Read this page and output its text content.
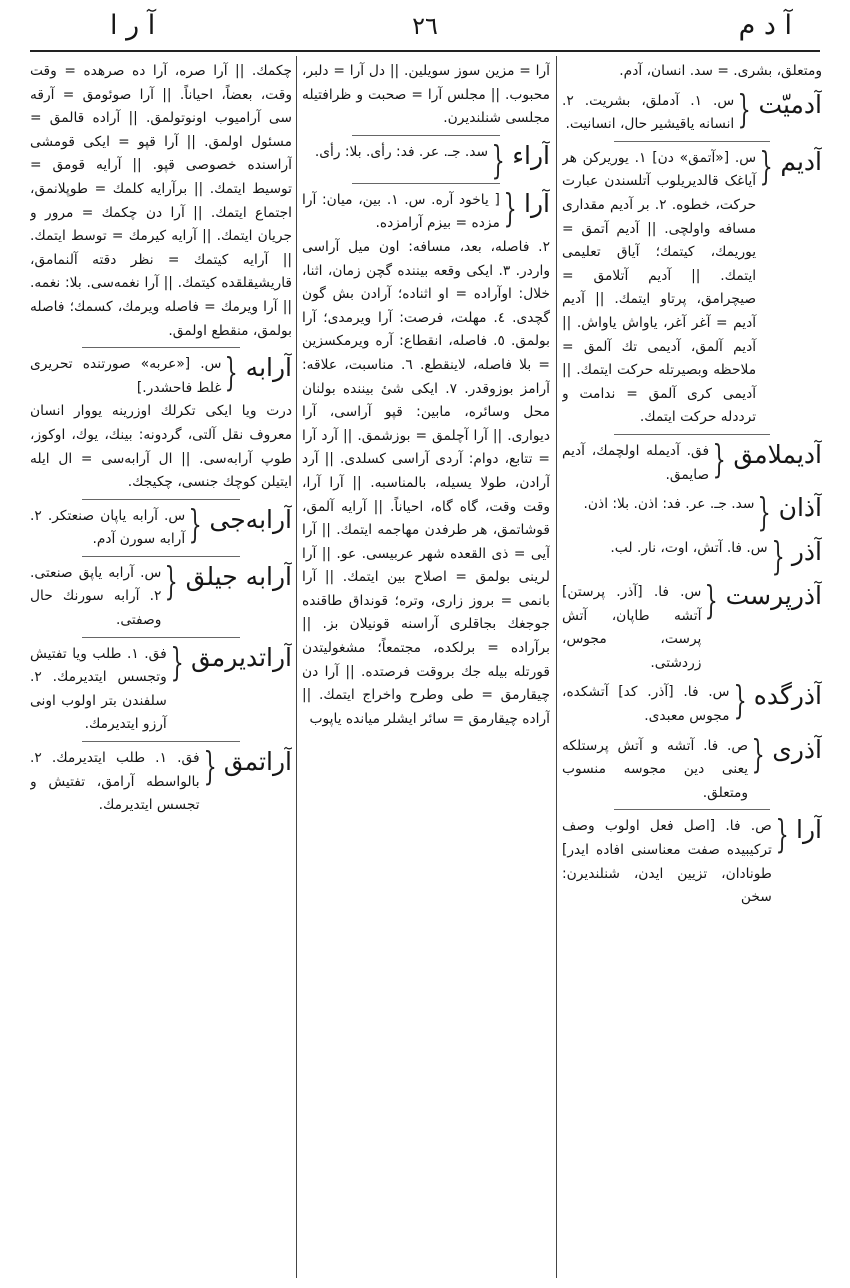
آ د م
٢٦
آ ر ا

ومتعلق، بشری. = سد. انسان، آدم.

آدمیّت
{
س. ١. آدملق، بشریت. ٢. انسانه یاقیشیر حال، انسانیت.
آدیم
{
س. [«آتمق» دن] ١. یوریرکن هر آیاغک قالدیریلوب آتلسندن عبارت حرکت، خطوه. ٢. بر آدیم مقداری مسافه واولچی. || آدیم آتمق = یوریمك، کیتمك؛ آیاق تعلیمی ایتمك. || آدیم آتلامق = صیچرامق، پرتاو ایتمك. || آدیم آدیم = آغر آغر، یاواش یاواش. || آدیم آلمق، آدیمی تك آلمق = ملاحظه وبصیرتله حرکت ایتمك. || آدیمی کری آلمق = ندامت و ترددله حرکت ایتمك.
آدیملامق
{
فق. آدیمله اولچمك، آدیم صایمق.
آذان
{
سد. جـ. عر. فد: اذن. بلا: اذن.
آذر
{
س. فا. آتش، اوت، نار. لب.
آذرپرست
{
س. فا. [آذر. پرستن] آتشه طاپان، آتش پرست، مجوس، زردشتی.
آذرگده
{
س. فا. [آذر. کد] آتشکده، مجوس معبدی.
آذری
{
ص. فا. آتشه و آتش پرستلکه یعنی دین مجوسه منسوب ومتعلق.
آرا
{
ص. فا. [اصل فعل اولوب وصف ترکیبیده صفت معناسنی افاده ایدر] طونادان، تزیین ایدن، شنلندیرن: سخن

آرا = مزین سوز سویلین. || دل آرا = دلبر، محبوب. || مجلس آرا = صحبت و ظرافتیله مجلسی شنلندیرن.

آراء
{
سد. جـ. عر. فد: رأی. بلا: رأی.
آرا
{
[ یاخود آره. س. ١. بین، میان: آرا مزده = بیزم آرامزده.

٢. فاصله، بعد، مسافه: اون میل آراسی واردر. ٣. ایکی وقعه بیننده گچن زمان، اثنا، خلال: اوآراده = او اثناده؛ آرادن بش گون گچدی. ٤. مهلت، فرصت: آرا ویرمدی؛ آرا بولمق. ٥. فاصله، انقطاع: آره ویرمکسزین = بلا فاصله، لاینقطع. ٦. مناسبت، علاقه: آرامز بوزوقدر. ٧. ایکی شیٔ بیننده بولنان محل وسائره، مابین: قپو آراسی، آرا دیواری. || آرا آچلمق = بوزشمق. || آرد آرا = تتابع، دوام: آردی آراسی کسلدی. || آرد آرادن، طولا یسیله، بالمناسبه. || آرا آرا، وقت وقت، گاه گاه، احیاناً. || آرایه آلمق، قوشاتمق، هر طرفدن مهاجمه ایتمك. || آرا آیی = ذی القعده شهر عربیسی. عو. || آرا لرینی بولمق = اصلاح بین ایتمك. || آرا بانمی = بروز زاری، وتره؛ قونداق طاقنده جوجغك بجاقلری آراسنه قونیلان بز. || برآراده = برلکده، مجتمعاً؛ مشغولیتدن قورتله بیله جك بروقت فرصتده. || آرا دن چیقارمق = طی وطرح واخراج ایتمك. || آراده چیقارمق = سائر ایشلر میانده یاپوب

چکمك. || آرا صره، آرا ده صرهده = وقت وقت، بعضاً، احیاناً. || آرا صوئومق = آرقه سی آرامیوب اونوتولمق. || آراده قالمق = مسئول اولمق. || آرا قپو = ایکی قومشی آراسنده خصوصی قپو. || آرایه قومق = توسیط ایتمك. || برآرایه کلمك = طوپلانمق، اجتماع ایتمك. || آرا دن چکمك = مرور و جریان ایتمك. || آرایه کیرمك = توسط ایتمك. || آرایه کیتمك = نظر دقته آلنمامق، قاریشیقلقده کیتمك. || آرا نغمه‌سی. بلا: نغمه. || آرا ویرمك = فاصله ویرمك، کسمك؛ فاصله بولمق، منقطع اولمق.

آرابه
{
س. [«عربه» صورتنده تحریری غلط فاحشدر.]

درت ویا ایکی تکرلك اوزرینه یووار انسان معروف نقل آلتی، گردونه: بینك، یوك، اوکوز، طوپ آرابه‌سی. || ال آرابه‌سی = ال ایله ایتیلن کوچك جنسی، چکیجك.

آرابه‌جی
{
س. آرابه یاپان صنعتکر. ٢. آرابه سورن آدم.
آرابه جیلق
{
س. آرابه یاپق صنعتی. ٢. آرابه سورنك حال وصفتی.
آراتدیرمق
{
فق. ١. طلب ویا تفتیش وتجسس ایتدیرمك. ٢. سلفندن بتر اولوب اونی آرزو ایتدیرمك.
آراتمق
{
فق. ١. طلب ایتدیرمك. ٢. بالواسطه آرامق، تفتیش و تجسس ایتدیرمك.
